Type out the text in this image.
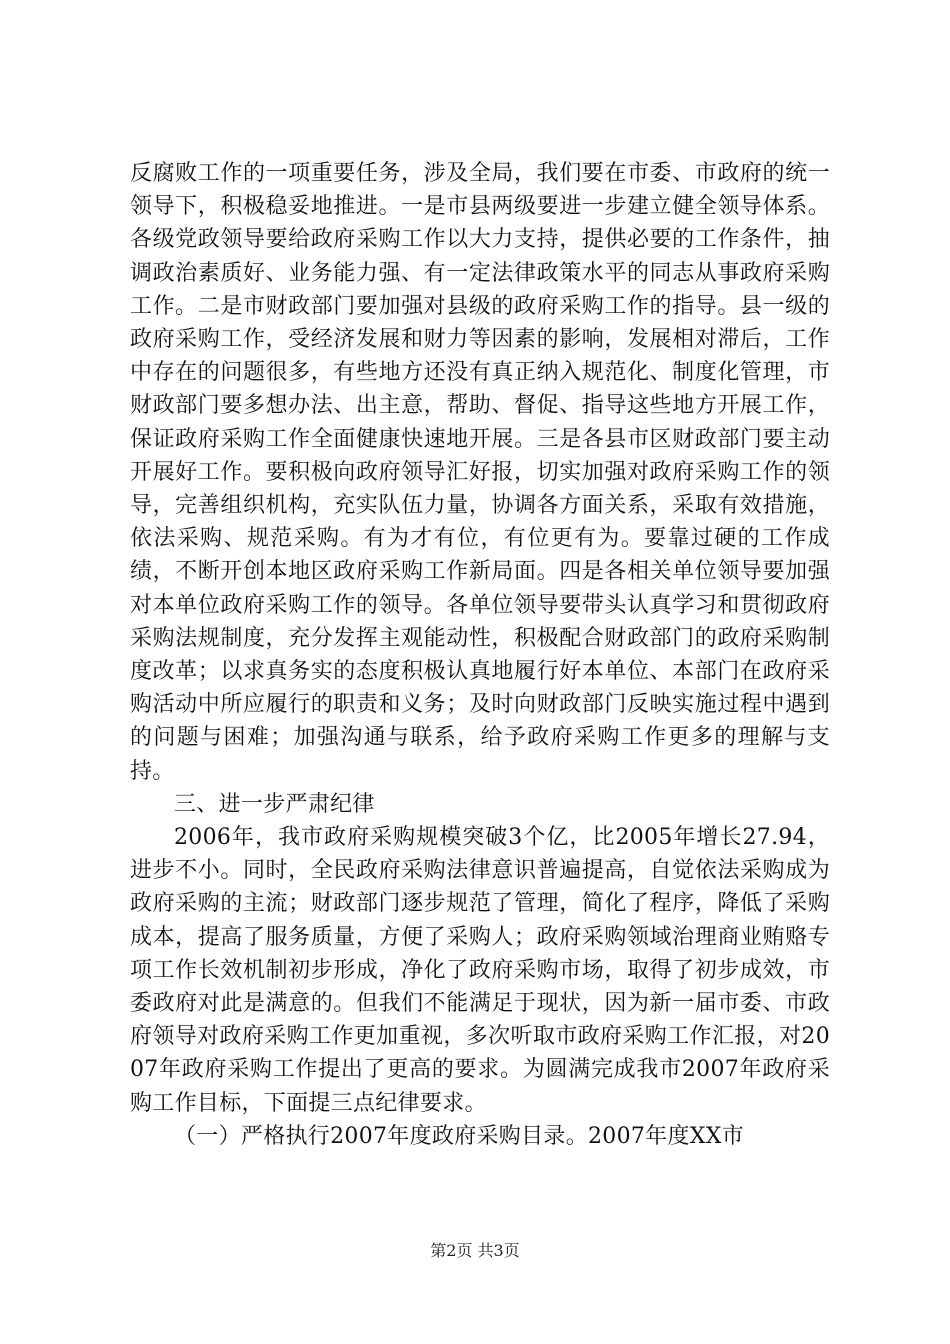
反腐败工作的一项重要任务，涉及全局，我们要在市委、市政府的统一领导下，积极稳妥地推进。一是市县两级要进一步建立健全领导体系。各级党政领导要给政府采购工作以大力支持，提供必要的工作条件，抽调政治素质好、业务能力强、有一定法律政策水平的同志从事政府采购工作。二是市财政部门要加强对县级的政府采购工作的指导。县一级的政府采购工作，受经济发展和财力等因素的影响，发展相对滞后，工作中存在的问题很多，有些地方还没有真正纳入规范化、制度化管理，市财政部门要多想办法、出主意，帮助、督促、指导这些地方开展工作，保证政府采购工作全面健康快速地开展。三是各县市区财政部门要主动开展好工作。要积极向政府领导汇好报，切实加强对政府采购工作的领导，完善组织机构，充实队伍力量，协调各方面关系，采取有效措施，依法采购、规范采购。有为才有位，有位更有为。要靠过硬的工作成绩，不断开创本地区政府采购工作新局面。四是各相关单位领导要加强对本单位政府采购工作的领导。各单位领导要带头认真学习和贯彻政府采购法规制度，充分发挥主观能动性，积极配合财政部门的政府采购制度改革；以求真务实的态度积极认真地履行好本单位、本部门在政府采购活动中所应履行的职责和义务；及时向财政部门反映实施过程中遇到的问题与困难；加强沟通与联系，给予政府采购工作更多的理解与支持。

三、进一步严肃纪律

2006年，我市政府采购规模突破3个亿，比2005年增长27.94，进步不小。同时，全民政府采购法律意识普遍提高，自觉依法采购成为政府采购的主流；财政部门逐步规范了管理，简化了程序，降低了采购成本，提高了服务质量，方便了采购人；政府采购领域治理商业贿赂专项工作长效机制初步形成，净化了政府采购市场，取得了初步成效，市委政府对此是满意的。但我们不能满足于现状，因为新一届市委、市政府领导对政府采购工作更加重视，多次听取市政府采购工作汇报，对2007年政府采购工作提出了更高的要求。为圆满完成我市2007年政府采购工作目标，下面提三点纪律要求。

（一）严格执行2007年度政府采购目录。2007年度XX市

第2页 共3页
